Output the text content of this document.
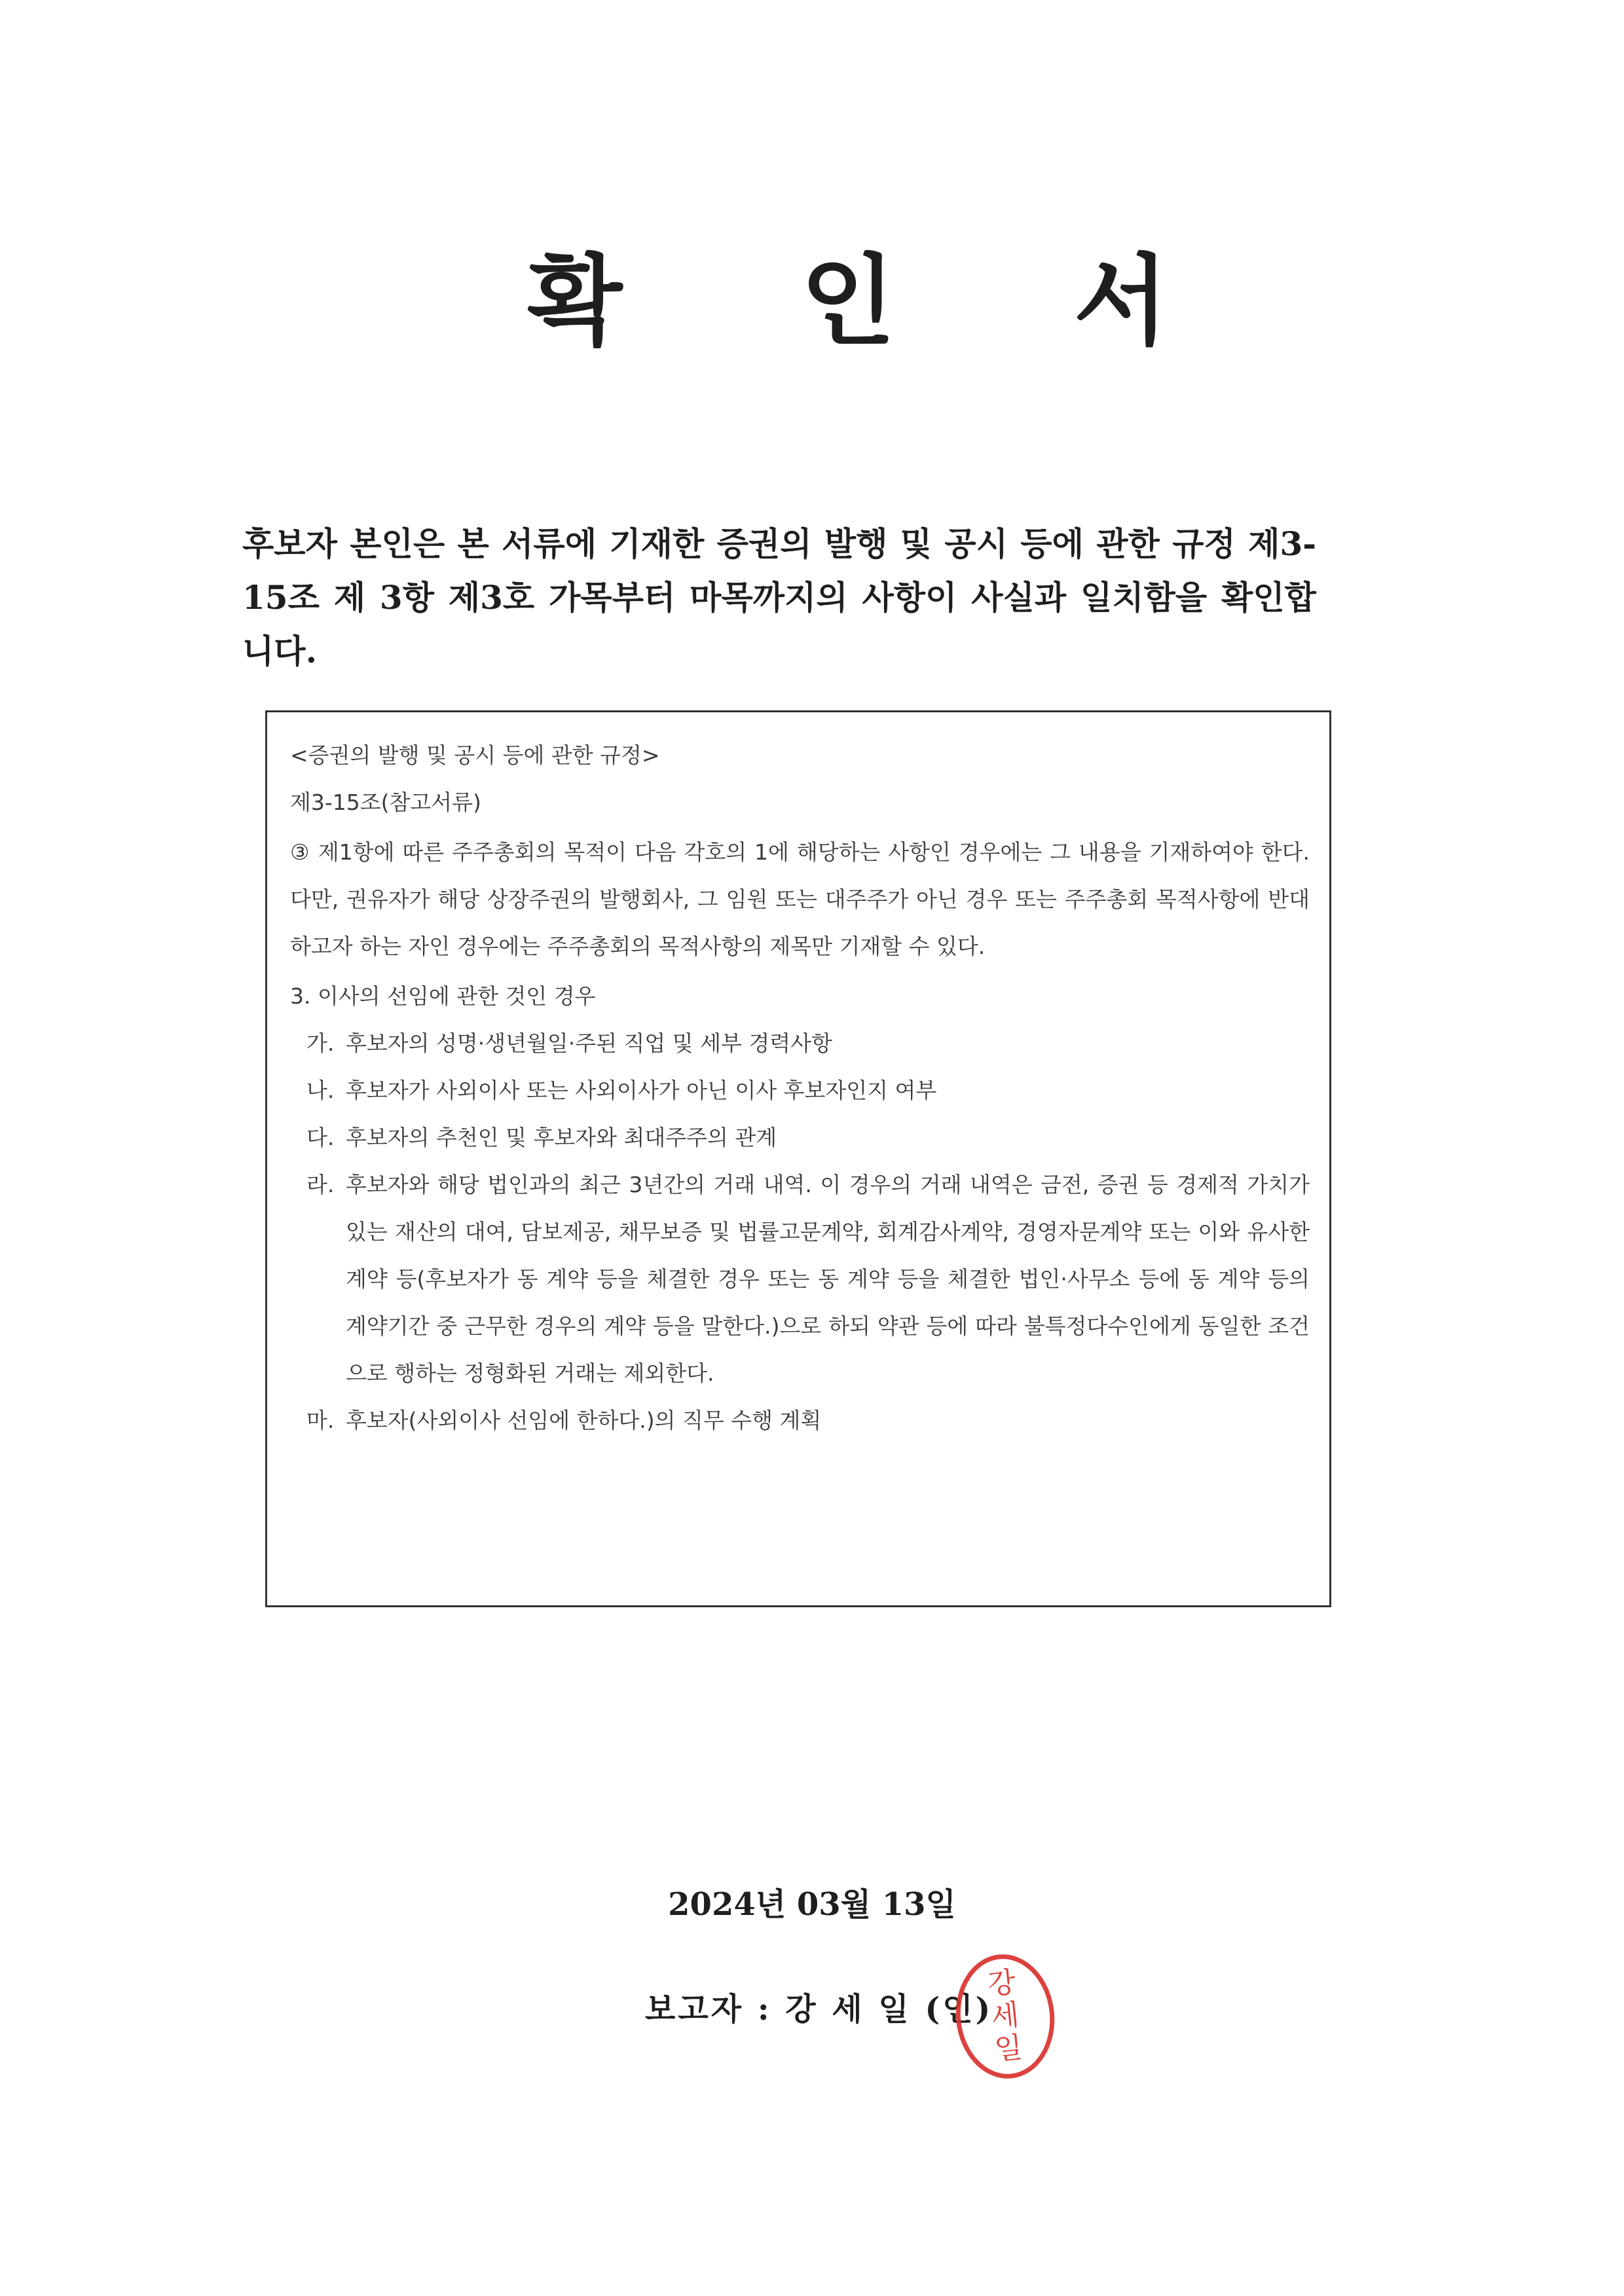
확 인 서
후보자 본인은 본 서류에 기재한 증권의 발행 및 공시 등에 관한 규정 제3-15조 제 3항 제3호 가목부터 마목까지의 사항이 사실과 일치함을 확인합니다.
<증권의 발행 및 공시 등에 관한 규정>
제3-15조(참고서류)
③ 제1항에 따른 주주총회의 목적이 다음 각호의 1에 해당하는 사항인 경우에는 그 내용을 기재하여야 한다. 다만, 권유자가 해당 상장주권의 발행회사, 그 임원 또는 대주주가 아닌 경우 또는 주주총회 목적사항에 반대하고자 하는 자인 경우에는 주주총회의 목적사항의 제목만 기재할 수 있다.
3. 이사의 선임에 관한 것인 경우
가. 후보자의 성명·생년월일·주된 직업 및 세부 경력사항
나. 후보자가 사외이사 또는 사외이사가 아닌 이사 후보자인지 여부
다. 후보자의 추천인 및 후보자와 최대주주의 관계
라. 후보자와 해당 법인과의 최근 3년간의 거래 내역. 이 경우의 거래 내역은 금전, 증권 등 경제적 가치가 있는 재산의 대여, 담보제공, 채무보증 및 법률고문계약, 회계감사계약, 경영자문계약 또는 이와 유사한 계약 등(후보자가 동 계약 등을 체결한 경우 또는 동 계약 등을 체결한 법인·사무소 등에 동 계약 등의 계약기간 중 근무한 경우의 계약 등을 말한다.)으로 하되 약관 등에 따라 불특정다수인에게 동일한 조건으로 행하는 정형화된 거래는 제외한다.
마. 후보자(사외이사 선임에 한하다.)의 직무 수행 계획
2024년 03월 13일
보고자 : 강 세 일 (인)
강
세
일
